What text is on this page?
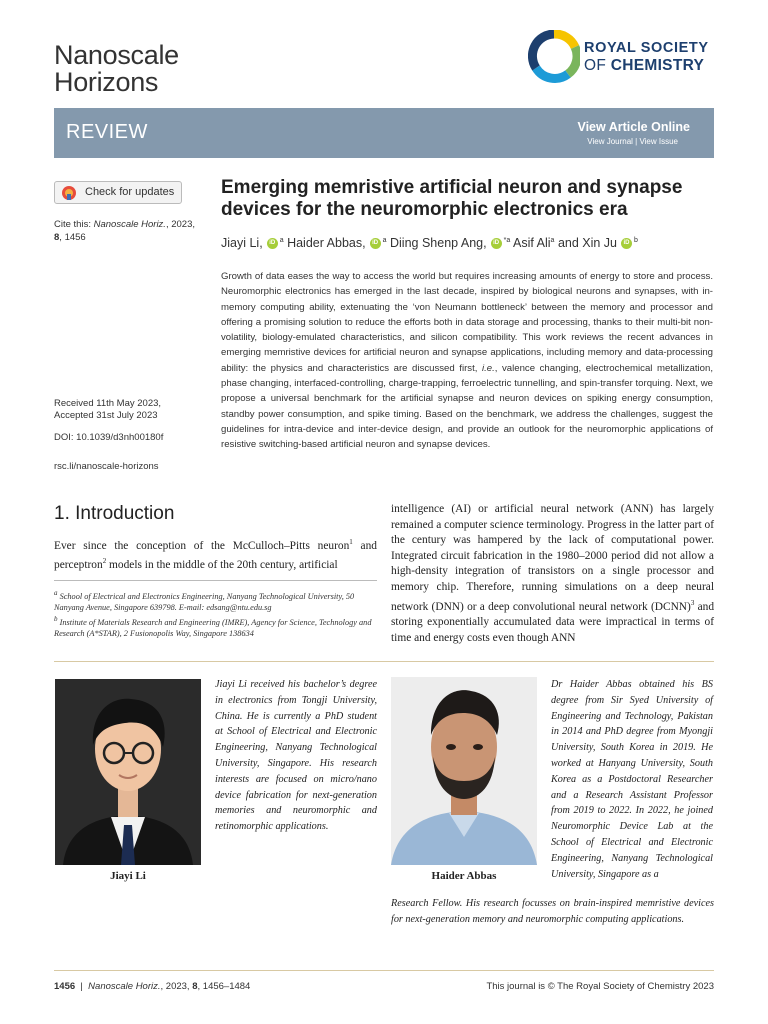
Nanoscale
Horizons
ROYAL SOCIETY
OF CHEMISTRY
REVIEW	View Article Online
View Journal | View Issue
Check for updates
Cite this: Nanoscale Horiz., 2023,
8, 1456
Received 11th May 2023,
Accepted 31st July 2023
DOI: 10.1039/d3nh00180f
rsc.li/nanoscale-horizons
Emerging memristive artificial neuron and synapse devices for the neuromorphic electronics era
Jiayi Li, iD $^a$ Haider Abbas, iD $^a$ Diing Shenp Ang, iD $^{*a}$ Asif Ali$^a$ and Xin Ju iD $^b$
Growth of data eases the way to access the world but requires increasing amounts of energy to store and process. Neuromorphic electronics has emerged in the last decade, inspired by biological neurons and synapses, with in-memory computing ability, extenuating the ‘von Neumann bottleneck’ between the memory and processor and offering a promising solution to reduce the efforts both in data storage and processing, thanks to their multi-bit non-volatility, biology-emulated characteristics, and silicon compatibility. This work reviews the recent advances in emerging memristive devices for artificial neuron and synapse applications, including memory and data-processing ability: the physics and characteristics are discussed first, i.e., valence changing, electrochemical metallization, phase changing, interfaced-controlling, charge-trapping, ferroelectric tunnelling, and spin-transfer torquing. Next, we propose a universal benchmark for the artificial synapse and neuron devices on spiking energy consumption, standby power consumption, and spike timing. Based on the benchmark, we address the challenges, suggest the guidelines for intra-device and inter-device design, and provide an outlook for the neuromorphic applications of resistive switching-based artificial neuron and synapse devices.
1. Introduction
Ever since the conception of the McCulloch–Pitts neuron$^1$ and perceptron$^2$ models in the middle of the 20th century, artificial
$^a$ School of Electrical and Electronics Engineering, Nanyang Technological University, 50 Nanyang Avenue, Singapore 639798. E-mail: edsang@ntu.edu.sg
$^b$ Institute of Materials Research and Engineering (IMRE), Agency for Science, Technology and Research (A*STAR), 2 Fusionopolis Way, Singapore 138634
intelligence (AI) or artificial neural network (ANN) has largely remained a computer science terminology. Progress in the latter part of the century was hampered by the lack of computational power. Integrated circuit fabrication in the 1980–2000 period did not allow a high-density integration of transistors on a single processor and memory chip. Therefore, running simulations on a deep neural network (DNN) or a deep convolutional neural network (DCNN)$^3$ and storing exponentially accumulated data were impractical in terms of time and energy costs even though ANN
Jiayi Li
Jiayi Li received his bachelor’s degree in electronics from Tongji University, China. He is currently a PhD student at School of Electrical and Electronic Engineering, Nanyang Technological University, Singapore. His research interests are focused on micro/nano device fabrication for next-generation memories and neuromorphic and retinomorphic applications.
Haider Abbas
Dr Haider Abbas obtained his BS degree from Sir Syed University of Engineering and Technology, Pakistan in 2014 and PhD degree from Myongji University, South Korea in 2019. He worked at Hanyang University, South Korea as a Postdoctoral Researcher and a Research Assistant Professor from 2019 to 2022. In 2022, he joined Neuromorphic Device Lab at the School of Electrical and Electronic Engineering, Nanyang Technological University, Singapore as a
Research Fellow. His research focusses on brain-inspired memristive devices for next-generation memory and neuromorphic computing applications.
1456  |  Nanoscale Horiz., 2023, 8, 1456–1484	This journal is © The Royal Society of Chemistry 2023
